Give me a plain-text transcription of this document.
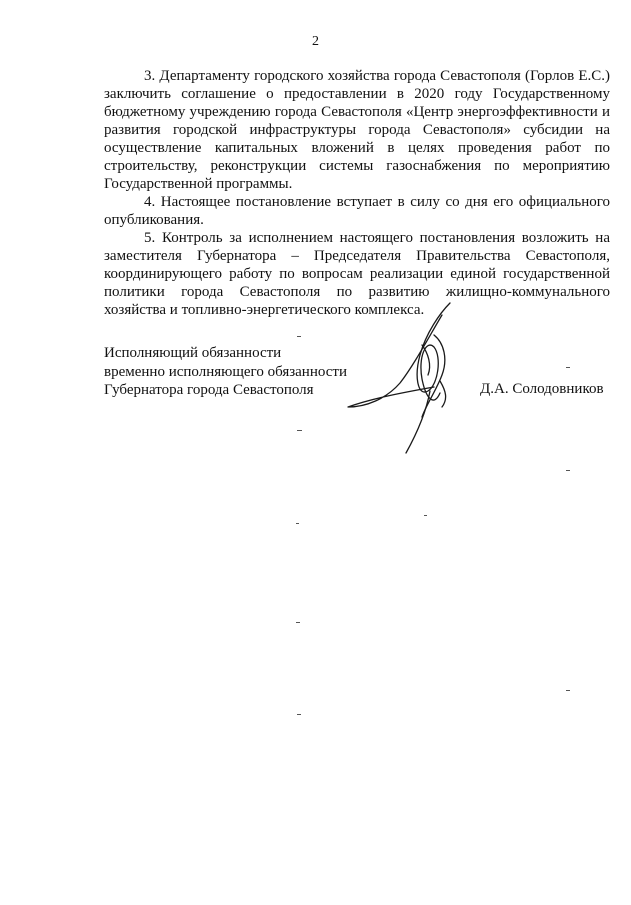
2

3. Департаменту городского хозяйства города Севастополя (Горлов Е.С.) заключить соглашение о предоставлении в 2020 году Государственному бюджетному учреждению города Севастополя «Центр энергоэффективности и развития городской инфраструктуры города Севастополя» субсидии на осуществление капитальных вложений в целях проведения работ по строительству, реконструкции системы газоснабжения по мероприятию Государственной программы.

4. Настоящее постановление вступает в силу со дня его официального опубликования.

5. Контроль за исполнением настоящего постановления возложить на заместителя Губернатора – Председателя Правительства Севастополя, координирующего работу по вопросам реализации единой государственной политики города Севастополя по развитию жилищно-коммунального хозяйства и топливно-энергетического комплекса.

Исполняющий обязанности
временно исполняющего обязанности
Губернатора города Севастополя	Д.А. Солодовников
